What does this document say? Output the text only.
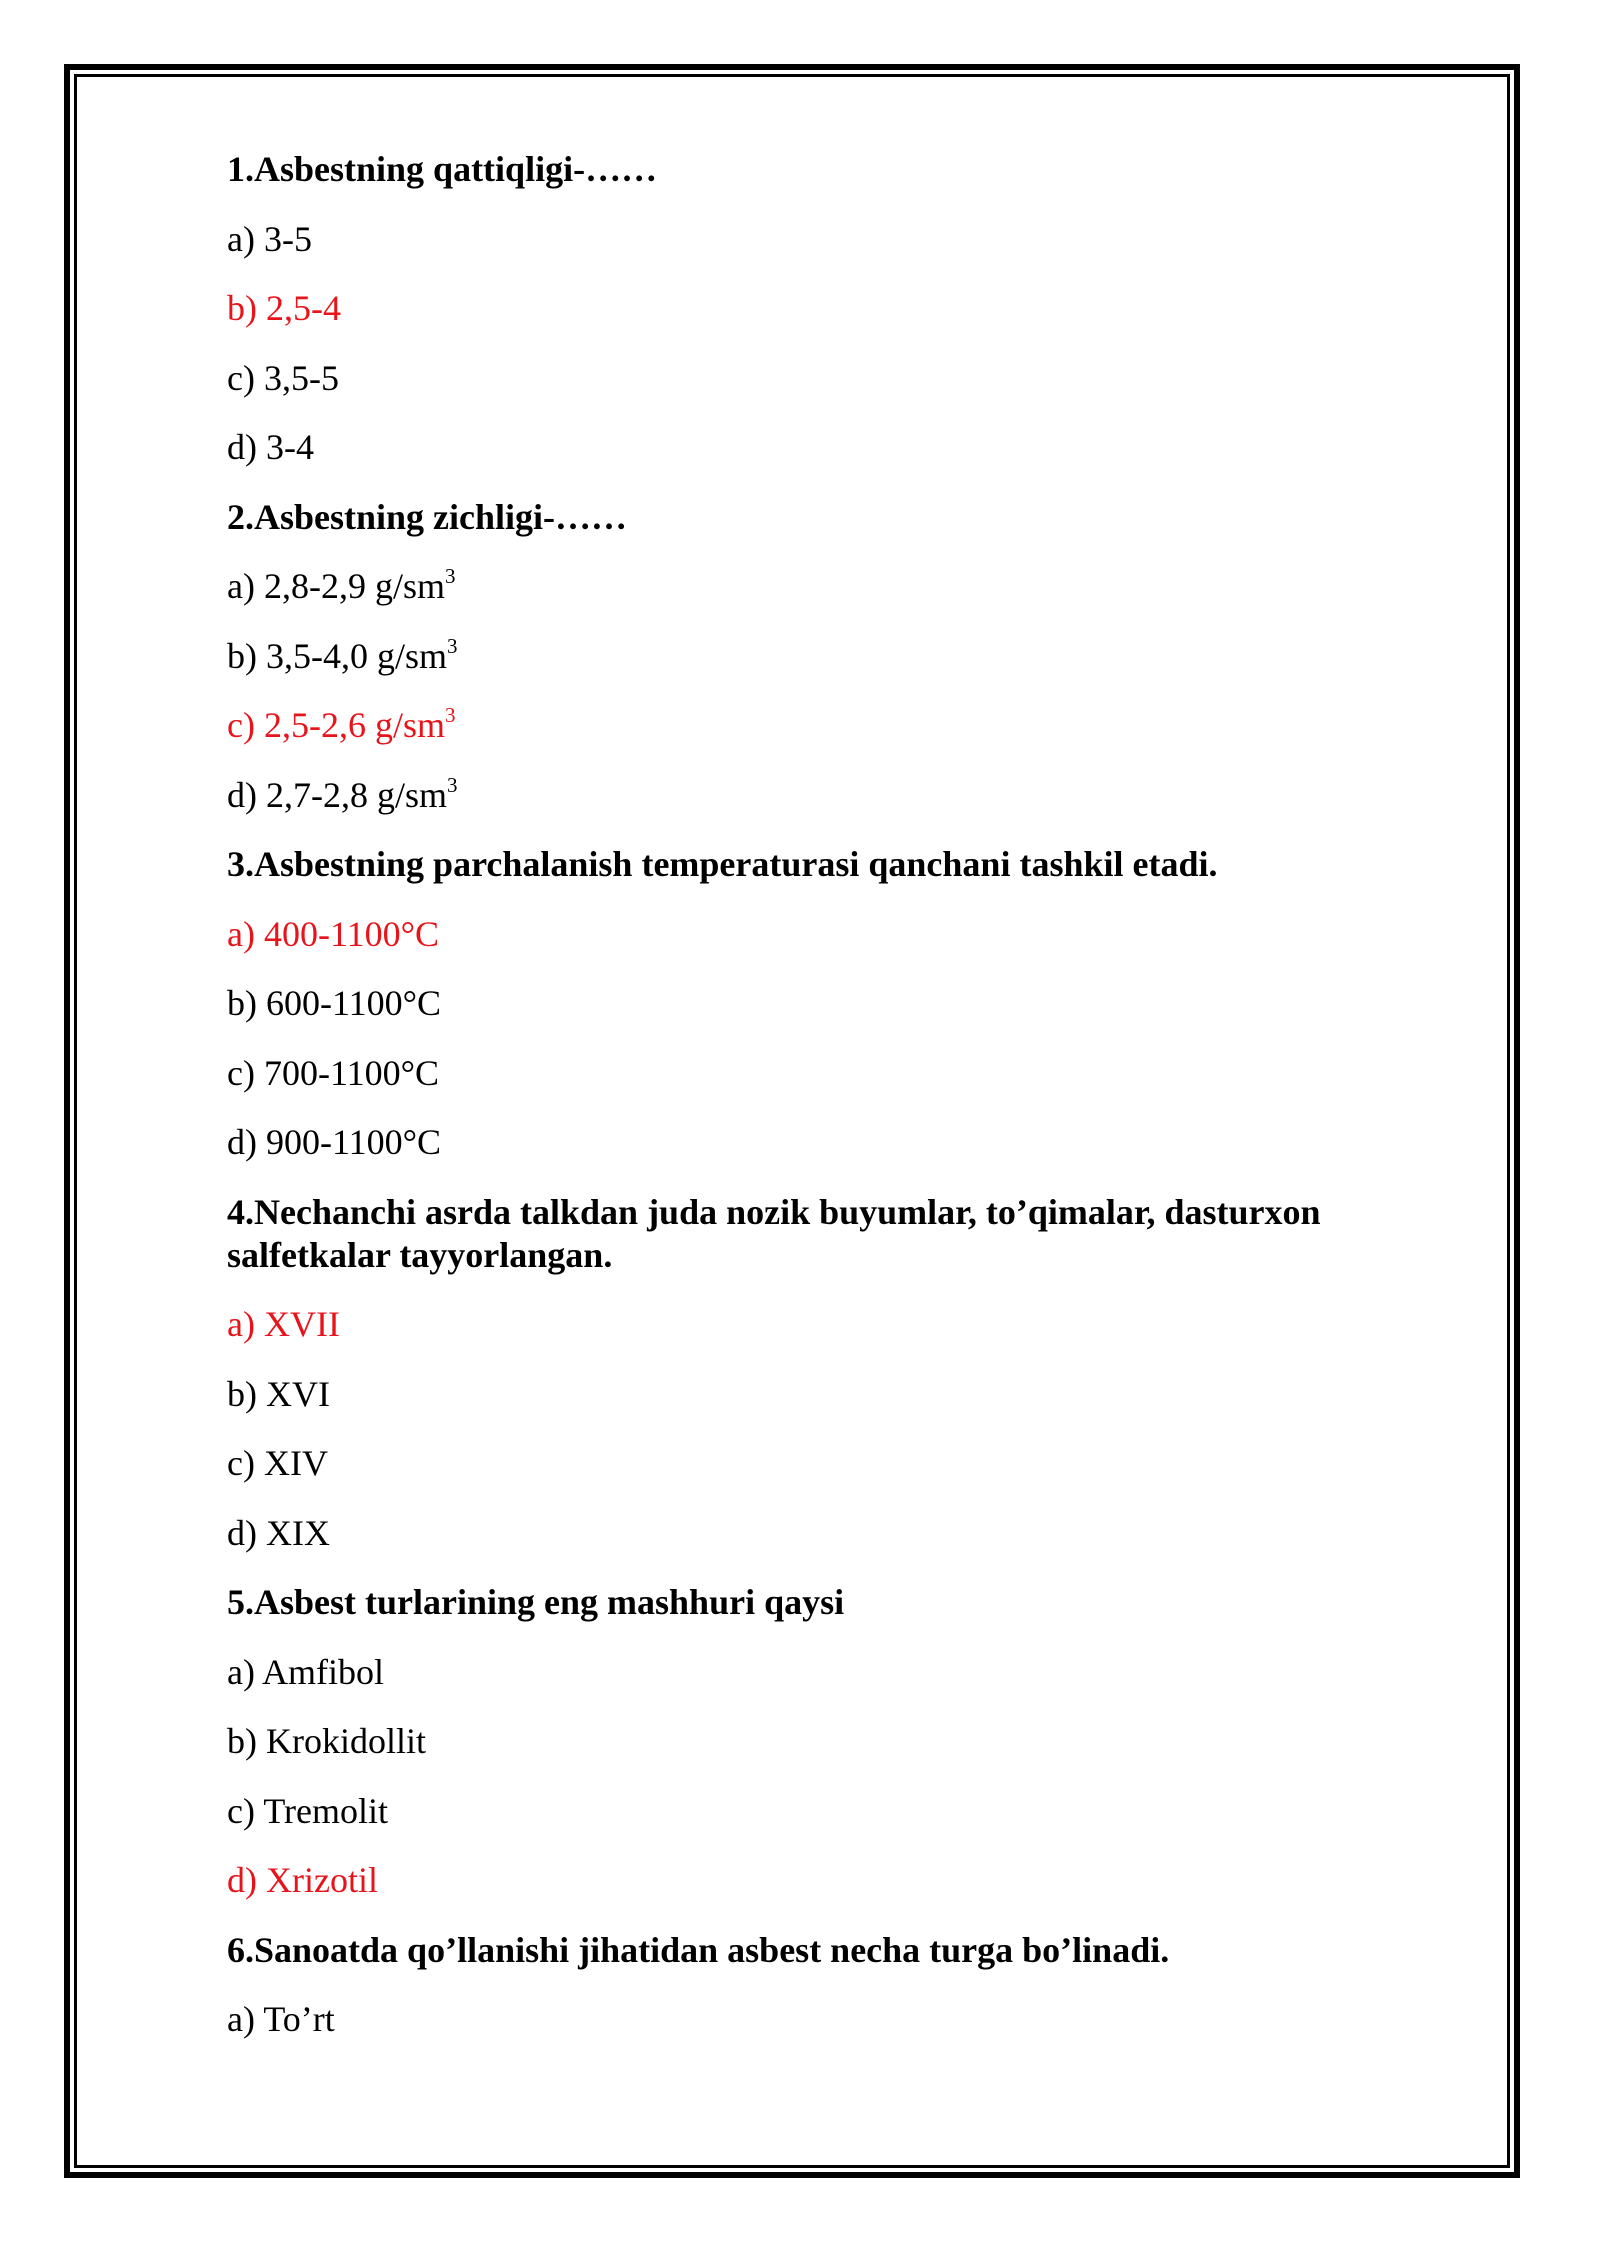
1.Asbestning qattiqligi-……
a) 3-5
b) 2,5-4
c) 3,5-5
d) 3-4
2.Asbestning zichligi-……
a) 2,8-2,9 $g/sm^3$
b) 3,5-4,0 $g/sm^3$
c) 2,5-2,6 $g/sm^3$
d) 2,7-2,8 $g/sm^3$
3.Asbestning parchalanish temperaturasi qanchani tashkil etadi.
a) 400-1100°C
b) 600-1100°C
c) 700-1100°C
d) 900-1100°C
4.Nechanchi asrda talkdan juda nozik buyumlar, to’qimalar, dasturxon salfetkalar tayyorlangan.
a) XVII
b) XVI
c) XIV
d) XIX
5.Asbest turlarining eng mashhuri qaysi
a) Amfibol
b) Krokidollit
c) Tremolit
d) Xrizotil
6.Sanoatda qo’llanishi jihatidan asbest necha turga bo’linadi.
a) To’rt
